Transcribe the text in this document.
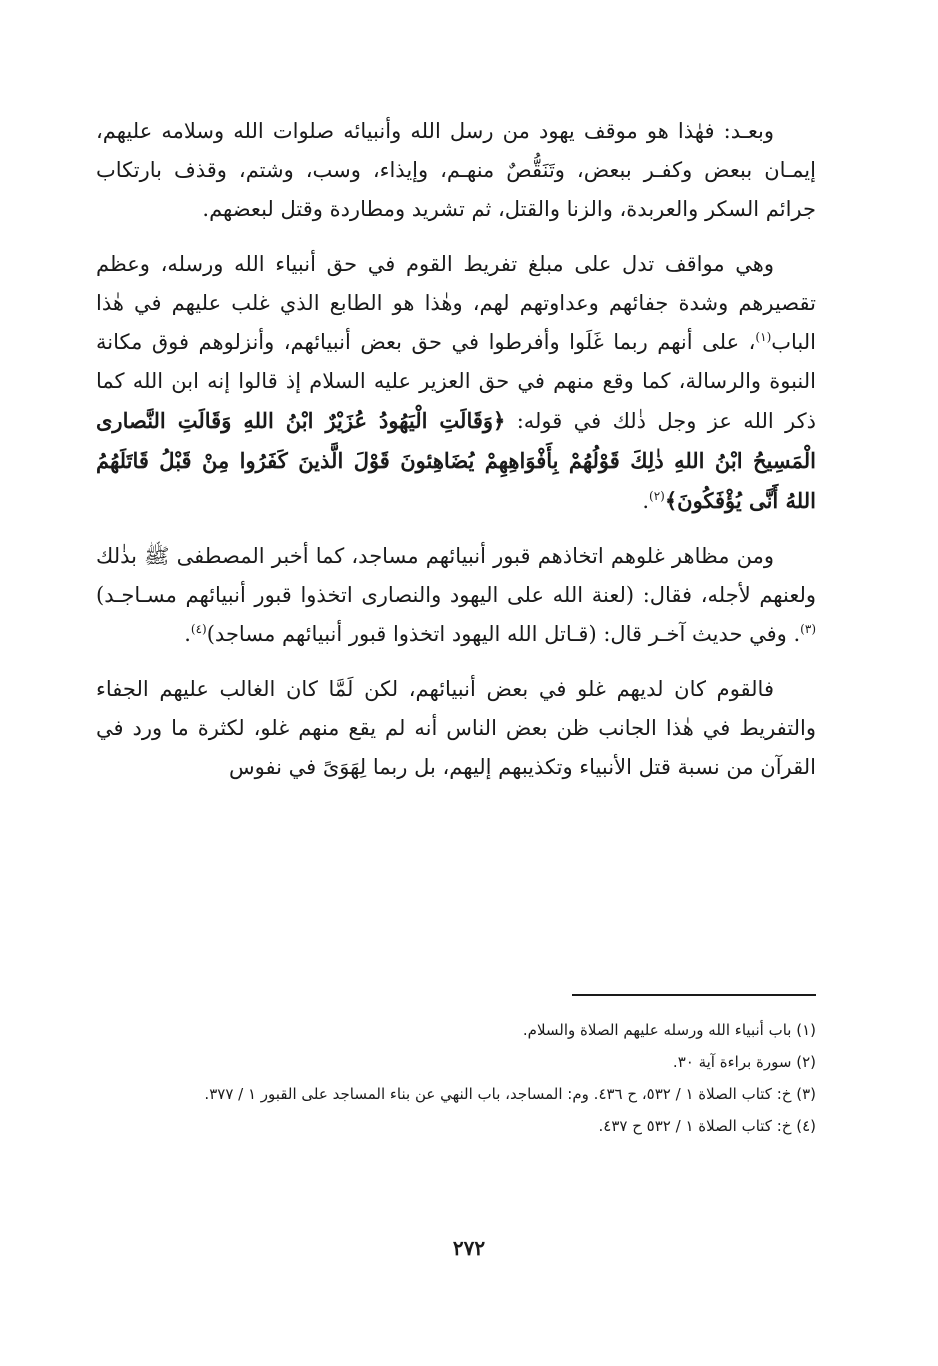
وبعـد: فهٰذا هو موقف يهود من رسل الله وأنبيائه صلوات الله وسلامه عليهم، إيمـان ببعض وكفـر ببعض، وتَنَقُّصٌ منهـم، وإيذاء، وسب، وشتم، وقذف بارتكاب جرائم السكر والعربدة، والزنا والقتل، ثم تشريد ومطاردة وقتل لبعضهم.

وهي مواقف تدل على مبلغ تفريط القوم في حق أنبياء الله ورسله، وعظم تقصيرهم وشدة جفائهم وعداوتهم لهم، وهٰذا هو الطابع الذي غلب عليهم في هٰذا الباب$^{(١)}$، على أنهم ربما غَلَوا وأفرطوا في حق بعض أنبيائهم، وأنزلوهم فوق مكانة النبوة والرسالة، كما وقع منهم في حق العزير عليه السلام إذ قالوا إنه ابن الله كما ذكر الله عز وجل ذٰلك في قوله: ﴿وَقَالَتِ الْيَهُودُ عُزَيْرٌ ابْنُ اللهِ وَقَالَتِ النَّصارى الْمَسِيحُ ابْنُ اللهِ ذٰلِكَ قَوْلُهُمْ بِأَفْوَاهِهِمْ يُضَاهِئونَ قَوْلَ الَّذينَ كَفَرُوا مِنْ قَبْلُ قَاتَلَهُمُ اللهُ أَنَّى يُؤْفَكُونَ﴾$^{(٢)}$.

ومن مظاهر غلوهم اتخاذهم قبور أنبيائهم مساجد، كما أخبر المصطفى ﷺ بذٰلك ولعنهم لأجله، فقال: (لعنة الله على اليهود والنصارى اتخذوا قبور أنبيائهم مسـاجـد)$^{(٣)}$. وفي حديث آخـر قال: (قـاتل الله اليهود اتخذوا قبور أنبيائهم مساجد)$^{(٤)}$.

فالقوم كان لديهم غلو في بعض أنبيائهم، لكن لَمَّا كان الغالب عليهم الجفاء والتفريط في هٰذا الجانب ظن بعض الناس أنه لم يقع منهم غلو، لكثرة ما ورد في القرآن من نسبة قتل الأنبياء وتكذيبهم إليهم، بل ربما لِهَوَىً في نفوس

(١) باب أنبياء الله ورسله عليهم الصلاة والسلام.
(٢) سورة براءة آية ٣٠.
(٣) خ: كتاب الصلاة ١ / ٥٣٢، ح ٤٣٦. وم: المساجد، باب النهي عن بناء المساجد على القبور ١ / ٣٧٧.
(٤) خ: كتاب الصلاة ١ / ٥٣٢ ح ٤٣٧.
٢٧٢
